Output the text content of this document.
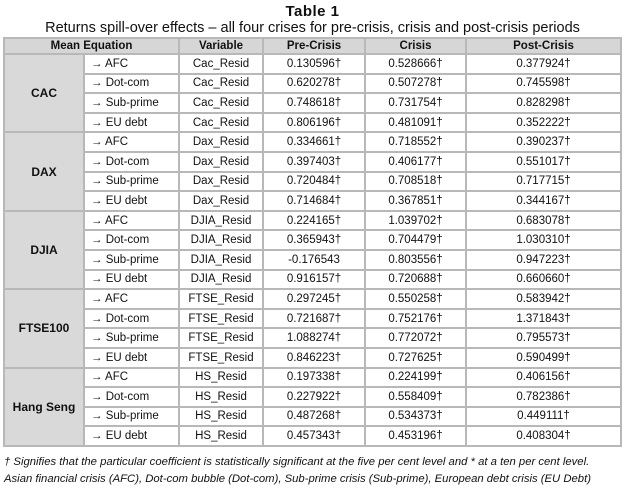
Table 1
Returns spill-over effects – all four crises for pre-crisis, crisis and post-crisis periods
Mean Equation		Variable	Pre-Crisis	Crisis	Post-Crisis
CAC	→ AFC	Cac_Resid	0.130596†	0.528666†	0.377924†
	→ Dot-com	Cac_Resid	0.620278†	0.507278†	0.745598†
	→ Sub-prime	Cac_Resid	0.748618†	0.731754†	0.828298†
	→ EU debt	Cac_Resid	0.806196†	0.481091†	0.352222†
DAX	→ AFC	Dax_Resid	0.334661†	0.718552†	0.390237†
	→ Dot-com	Dax_Resid	0.397403†	0.406177†	0.551017†
	→ Sub-prime	Dax_Resid	0.720484†	0.708518†	0.717715†
	→ EU debt	Dax_Resid	0.714684†	0.367851†	0.344167†
DJIA	→ AFC	DJIA_Resid	0.224165†	1.039702†	0.683078†
	→ Dot-com	DJIA_Resid	0.365943†	0.704479†	1.030310†
	→ Sub-prime	DJIA_Resid	-0.176543	0.803556†	0.947223†
	→ EU debt	DJIA_Resid	0.916157†	0.720688†	0.660660†
FTSE100	→ AFC	FTSE_Resid	0.297245†	0.550258†	0.583942†
	→ Dot-com	FTSE_Resid	0.721687†	0.752176†	1.371843†
	→ Sub-prime	FTSE_Resid	1.088274†	0.772072†	0.795573†
	→ EU debt	FTSE_Resid	0.846223†	0.727625†	0.590499†
Hang Seng	→ AFC	HS_Resid	0.197338†	0.224199†	0.406156†
	→ Dot-com	HS_Resid	0.227922†	0.558409†	0.782386†
	→ Sub-prime	HS_Resid	0.487268†	0.534373†	0.449111†
	→ EU debt	HS_Resid	0.457343†	0.453196†	0.408304†
† Signifies that the particular coefficient is statistically significant at the five per cent level and * at a ten per cent level.
Asian financial crisis (AFC), Dot-com bubble (Dot-com), Sub-prime crisis (Sub-prime), European debt crisis (EU Debt)
